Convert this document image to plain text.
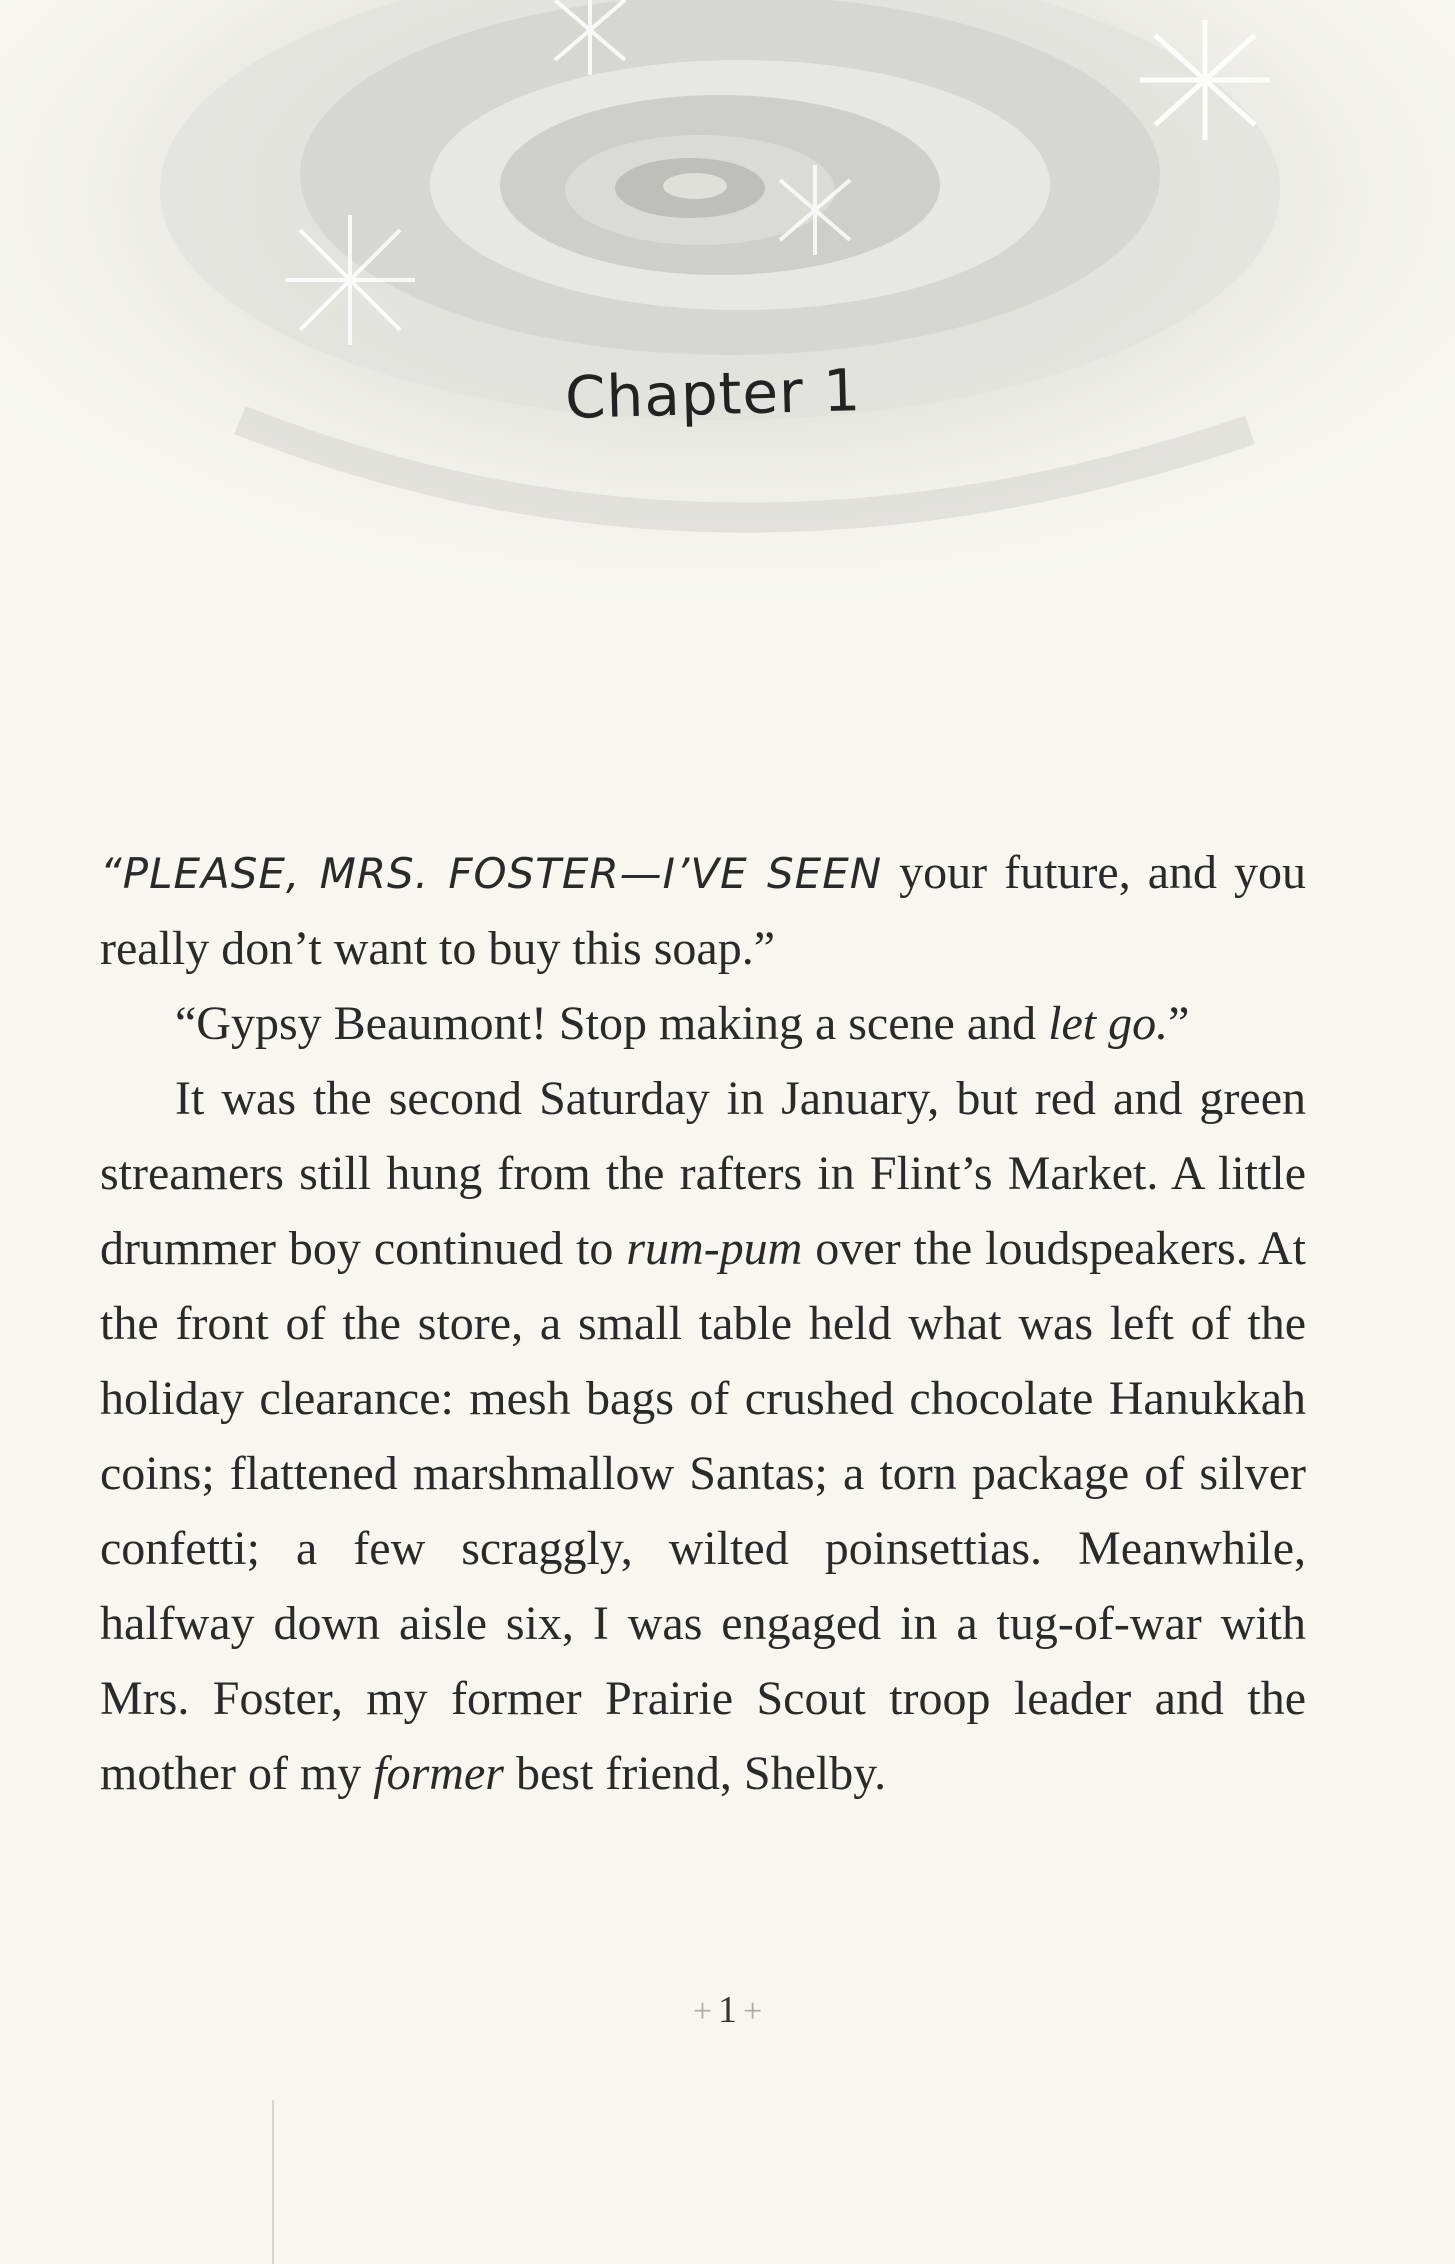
Chapter 1

“PLEASE, MRS. FOSTER—I’VE SEEN your future, and you really don’t want to buy this soap.”

“Gypsy Beaumont! Stop making a scene and let go.”

It was the second Saturday in January, but red and green streamers still hung from the rafters in Flint’s Market. A little drummer boy continued to rum-pum over the loudspeakers. At the front of the store, a small table held what was left of the holiday clearance: mesh bags of crushed chocolate Hanukkah coins; flattened marshmallow Santas; a torn package of silver confetti; a few scraggly, wilted poinsettias. Meanwhile, halfway down aisle six, I was engaged in a tug-of-war with Mrs. Foster, my former Prairie Scout troop leader and the mother of my former best friend, Shelby.

+ 1 +
